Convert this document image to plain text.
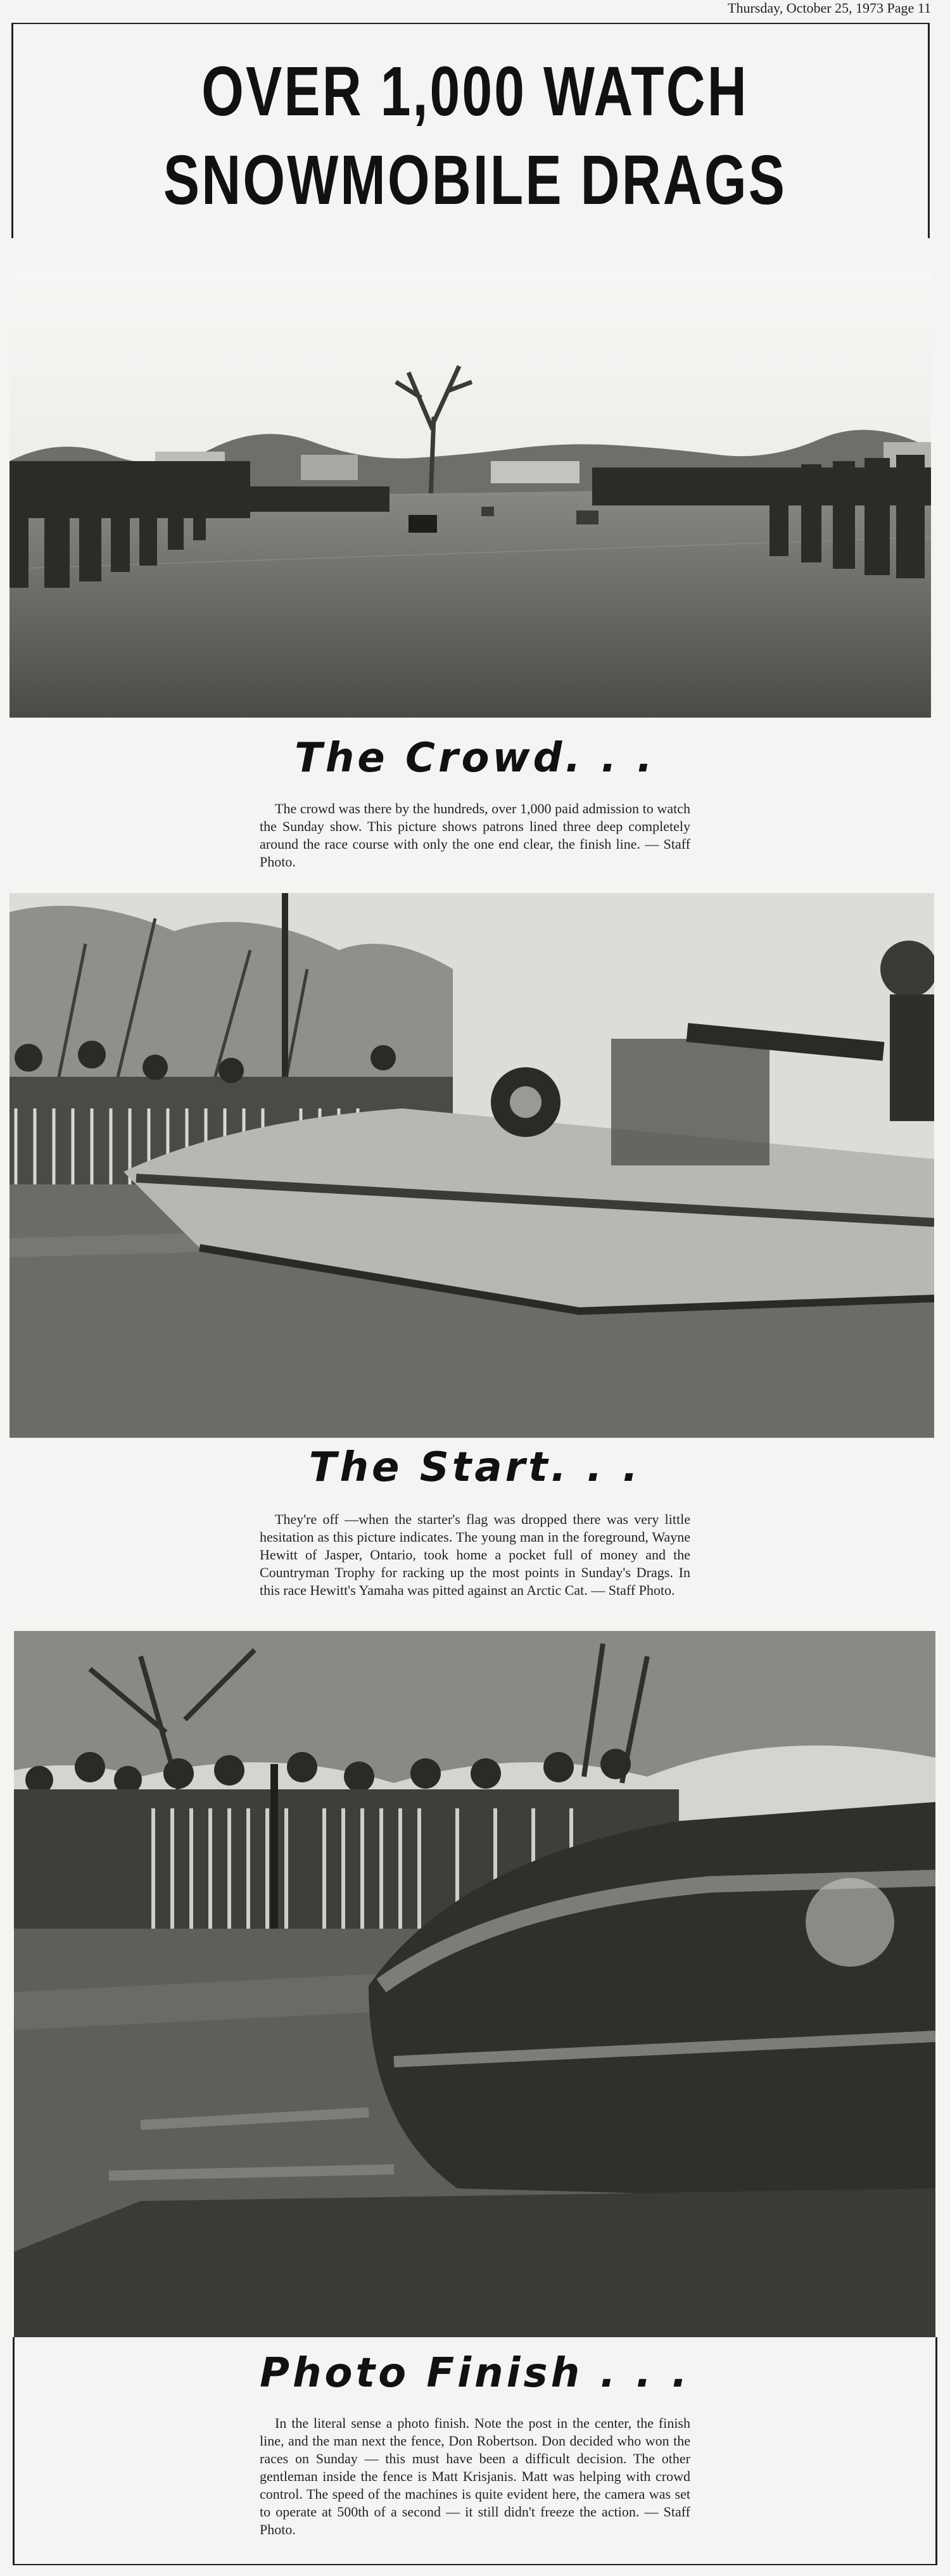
Thursday, October 25, 1973 Page 11
OVER 1,000 WATCH
SNOWMOBILE DRAGS
The Crowd. . .
The crowd was there by the hundreds, over 1,000 paid admission to watch the Sunday show. This picture shows patrons lined three deep completely around the race course with only the one end clear, the finish line. — Staff Photo.
The Start. . .
They're off —when the starter's flag was dropped there was very little hesitation as this picture indicates. The young man in the foreground, Wayne Hewitt of Jasper, Ontario, took home a pocket full of money and the Countryman Trophy for racking up the most points in Sunday's Drags. In this race Hewitt's Yamaha was pitted against an Arctic Cat. — Staff Photo.
Photo Finish . . .
In the literal sense a photo finish. Note the post in the center, the finish line, and the man next the fence, Don Robertson. Don decided who won the races on Sunday — this must have been a difficult decision. The other gentleman inside the fence is Matt Krisjanis. Matt was helping with crowd control. The speed of the machines is quite evident here, the camera was set to operate at 500th of a second — it still didn't freeze the action. — Staff Photo.
